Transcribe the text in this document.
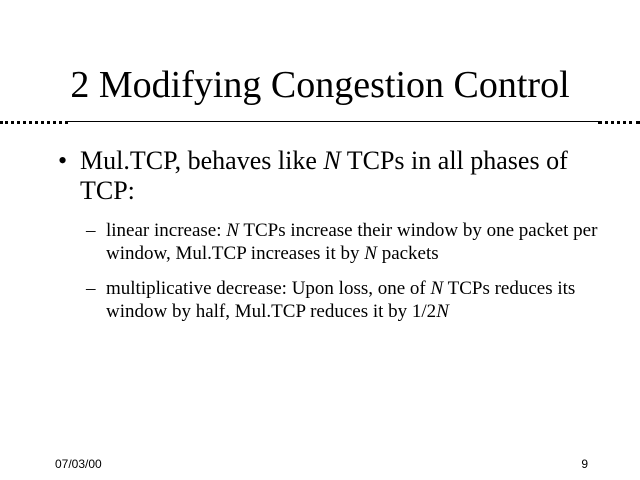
2 Modifying Congestion Control
• Mul.TCP, behaves like N TCPs in all phases of TCP:
– linear increase: N TCPs increase their window by one packet per window, Mul.TCP increases it by N packets
– multiplicative decrease: Upon loss, one of N TCPs reduces its window by half, Mul.TCP reduces it by 1/2N
07/03/00	9
